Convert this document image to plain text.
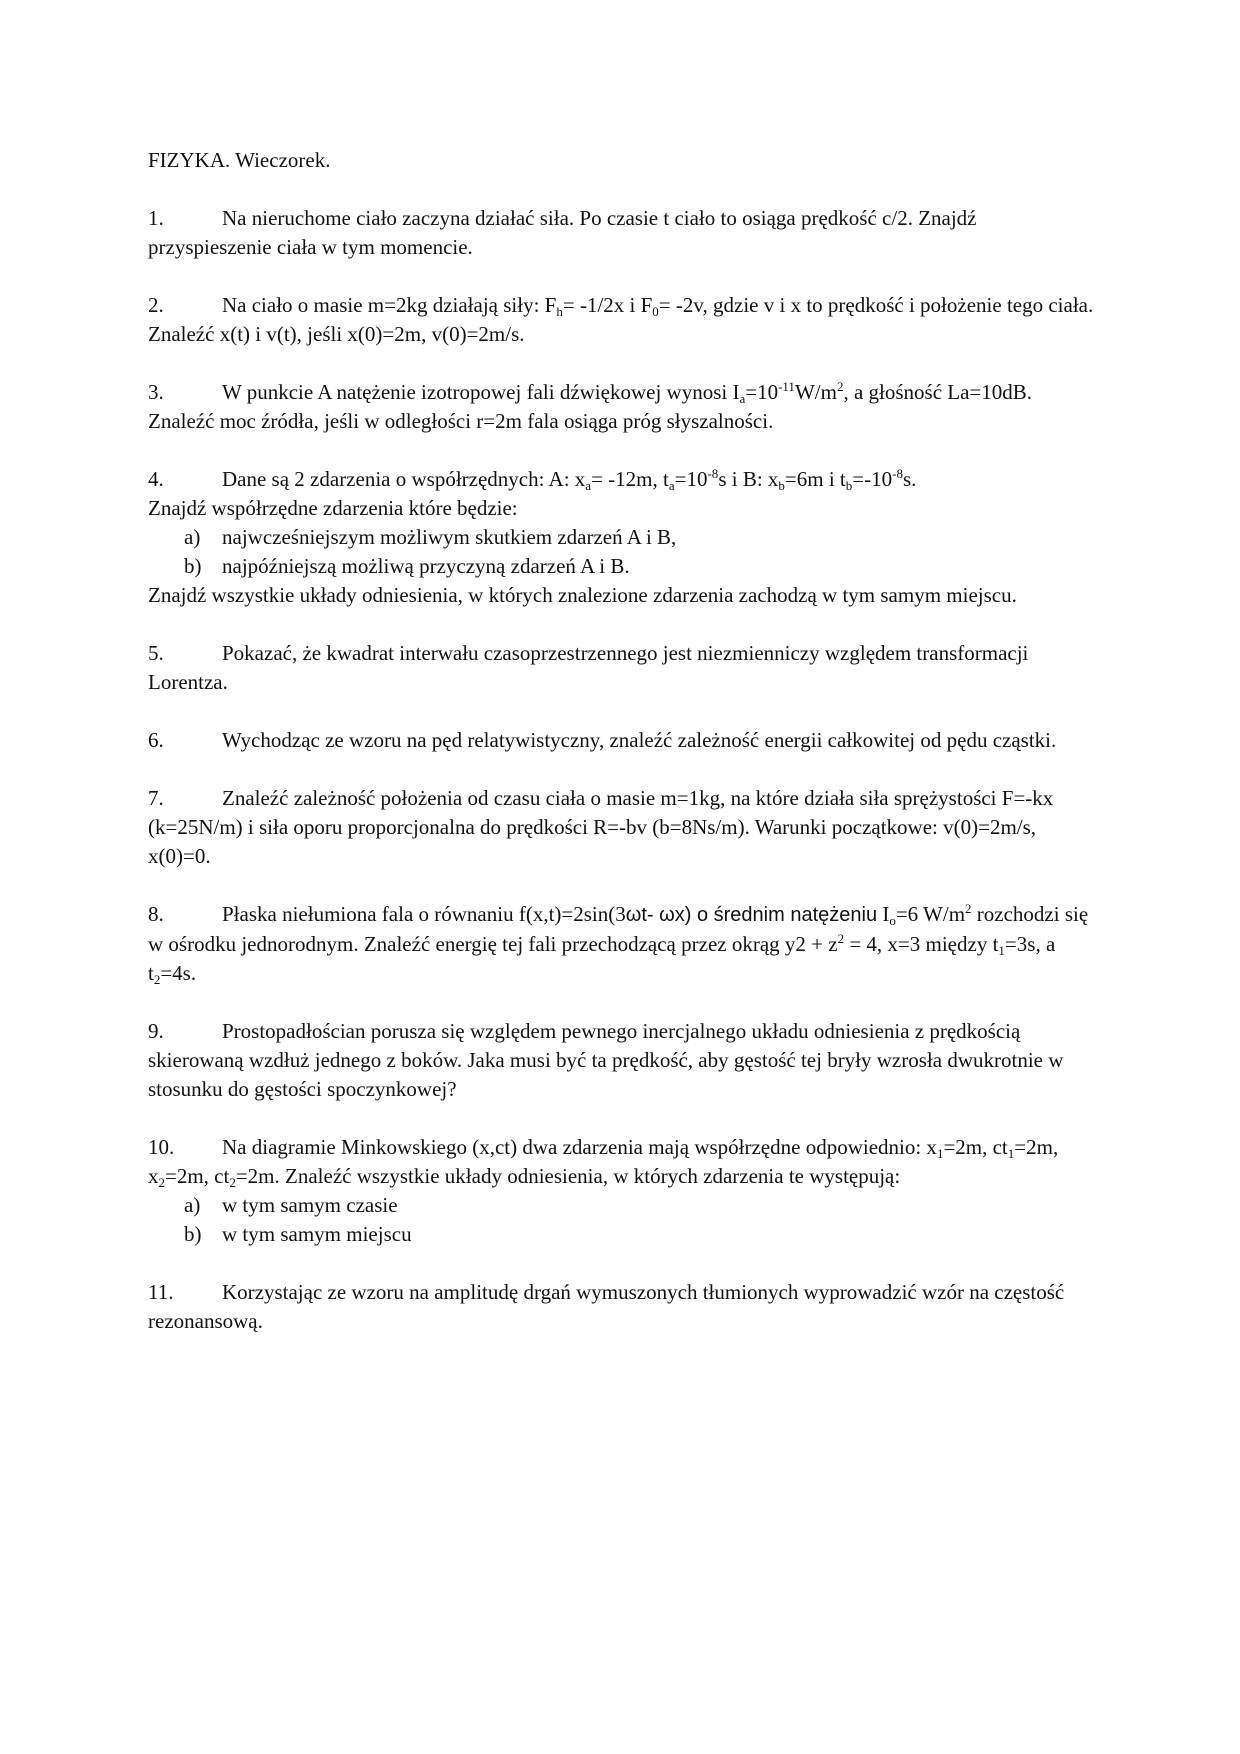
FIZYKA. Wieczorek.

1.	Na nieruchome ciało zaczyna działać siła. Po czasie t ciało to osiąga prędkość c/2. Znajdź przyspieszenie ciała w tym momencie.

2.	Na ciało o masie m=2kg działają siły: $F_h= -1/2x$ i $F_0= -2v$, gdzie v i x to prędkość i położenie tego ciała. Znaleźć x(t) i v(t), jeśli x(0)=2m, v(0)=2m/s.

3.	W punkcie A natężenie izotropowej fali dźwiękowej wynosi $I_a=10^{-11}W/m^2$, a głośność La=10dB. Znaleźć moc źródła, jeśli w odległości r=2m fala osiąga próg słyszalności.

4.	Dane są 2 zdarzenia o współrzędnych: A: $x_a= -12m$, $t_a=10^{-8}s$ i B: $x_b=6m$ i $t_b=-10^{-8}s$.
Znajdź współrzędne zdarzenia które będzie:
a) najwcześniejszym możliwym skutkiem zdarzeń A i B,
b) najpóźniejszą możliwą przyczyną zdarzeń A i B.
Znajdź wszystkie układy odniesienia, w których znalezione zdarzenia zachodzą w tym samym miejscu.

5.	Pokazać, że kwadrat interwału czasoprzestrzennego jest niezmienniczy względem transformacji Lorentza.

6.	Wychodząc ze wzoru na pęd relatywistyczny, znaleźć zależność energii całkowitej od pędu cząstki.

7.	Znaleźć zależność położenia od czasu ciała o masie m=1kg, na które działa siła sprężystości F=-kx (k=25N/m) i siła oporu proporcjonalna do prędkości R=-bv (b=8Ns/m). Warunki początkowe: v(0)=2m/s, x(0)=0.

8.	Płaska niełumiona fala o równaniu f(x,t)=2sin(3ωt- ωx) o średnim natężeniu $I_o=6$ $W/m^2$ rozchodzi się w ośrodku jednorodnym. Znaleźć energię tej fali przechodzącą przez okrąg $y2 + z^2 = 4$, x=3 między $t_1=3s$, a $t_2=4s$.

9.	Prostopadłościan porusza się względem pewnego inercjalnego układu odniesienia z prędkością skierowaną wzdłuż jednego z boków. Jaka musi być ta prędkość, aby gęstość tej bryły wzrosła dwukrotnie w stosunku do gęstości spoczynkowej?

10. Na diagramie Minkowskiego (x,ct) dwa zdarzenia mają współrzędne odpowiednio: $x_1=2m$, $ct_1=2m$, $x_2=2m$, $ct_2=2m$. Znaleźć wszystkie układy odniesienia, w których zdarzenia te występują:
a) w tym samym czasie
b) w tym samym miejscu

11. Korzystając ze wzoru na amplitudę drgań wymuszonych tłumionych wyprowadzić wzór na częstość rezonansową.
